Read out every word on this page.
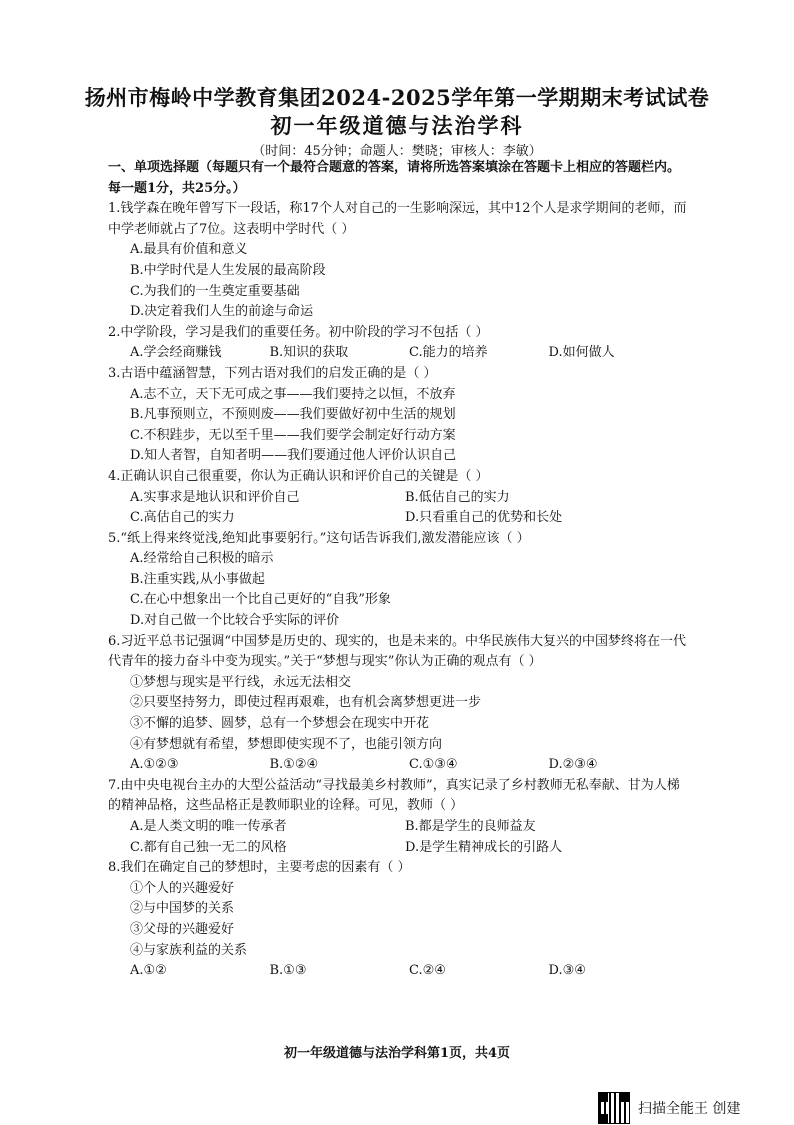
扬州市梅岭中学教育集团2024-2025学年第一学期期末考试试卷
初一年级道德与法治学科
（时间：45分钟；命题人：樊晓；审核人：李敏）
一、单项选择题（每题只有一个最符合题意的答案，请将所选答案填涂在答题卡上相应的答题栏内。每一题1分，共25分。）
1.钱学森在晚年曾写下一段话，称17个人对自己的一生影响深远，其中12个人是求学期间的老师，而中学老师就占了7位。这表明中学时代（ ）
A.最具有价值和意义
B.中学时代是人生发展的最高阶段
C.为我们的一生奠定重要基础
D.决定着我们人生的前途与命运
2.中学阶段，学习是我们的重要任务。初中阶段的学习不包括（ ）
A.学会经商赚钱	B.知识的获取	C.能力的培养	D.如何做人
3.古语中蕴涵智慧，下列古语对我们的启发正确的是（ ）
A.志不立，天下无可成之事——我们要持之以恒，不放弃
B.凡事预则立，不预则废——我们要做好初中生活的规划
C.不积跬步，无以至千里——我们要学会制定好行动方案
D.知人者智，自知者明——我们要通过他人评价认识自己
4.正确认识自己很重要，你认为正确认识和评价自己的关键是（ ）
A.实事求是地认识和评价自己	B.低估自己的实力
C.高估自己的实力	D.只看重自己的优势和长处
5.“纸上得来终觉浅,绝知此事要躬行。”这句话告诉我们,激发潜能应该（ ）
A.经常给自己积极的暗示
B.注重实践,从小事做起
C.在心中想象出一个比自己更好的“自我”形象
D.对自己做一个比较合乎实际的评价
6.习近平总书记强调“中国梦是历史的、现实的，也是未来的。中华民族伟大复兴的中国梦终将在一代代青年的接力奋斗中变为现实。”关于“梦想与现实”你认为正确的观点有（ ）
①梦想与现实是平行线，永远无法相交
②只要坚持努力，即使过程再艰难，也有机会离梦想更进一步
③不懈的追梦、圆梦，总有一个梦想会在现实中开花
④有梦想就有希望，梦想即使实现不了，也能引领方向
A.①②③	B.①②④	C.①③④	D.②③④
7.由中央电视台主办的大型公益活动“寻找最美乡村教师”，真实记录了乡村教师无私奉献、甘为人梯的精神品格，这些品格正是教师职业的诠释。可见，教师（ ）
A.是人类文明的唯一传承者	B.都是学生的良师益友
C.都有自己独一无二的风格	D.是学生精神成长的引路人
8.我们在确定自己的梦想时，主要考虑的因素有（ ）
①个人的兴趣爱好
②与中国梦的关系
③父母的兴趣爱好
④与家族利益的关系
A.①②	B.①③	C.②④	D.③④
初一年级道德与法治学科第1页，共4页
扫描全能王 创建
